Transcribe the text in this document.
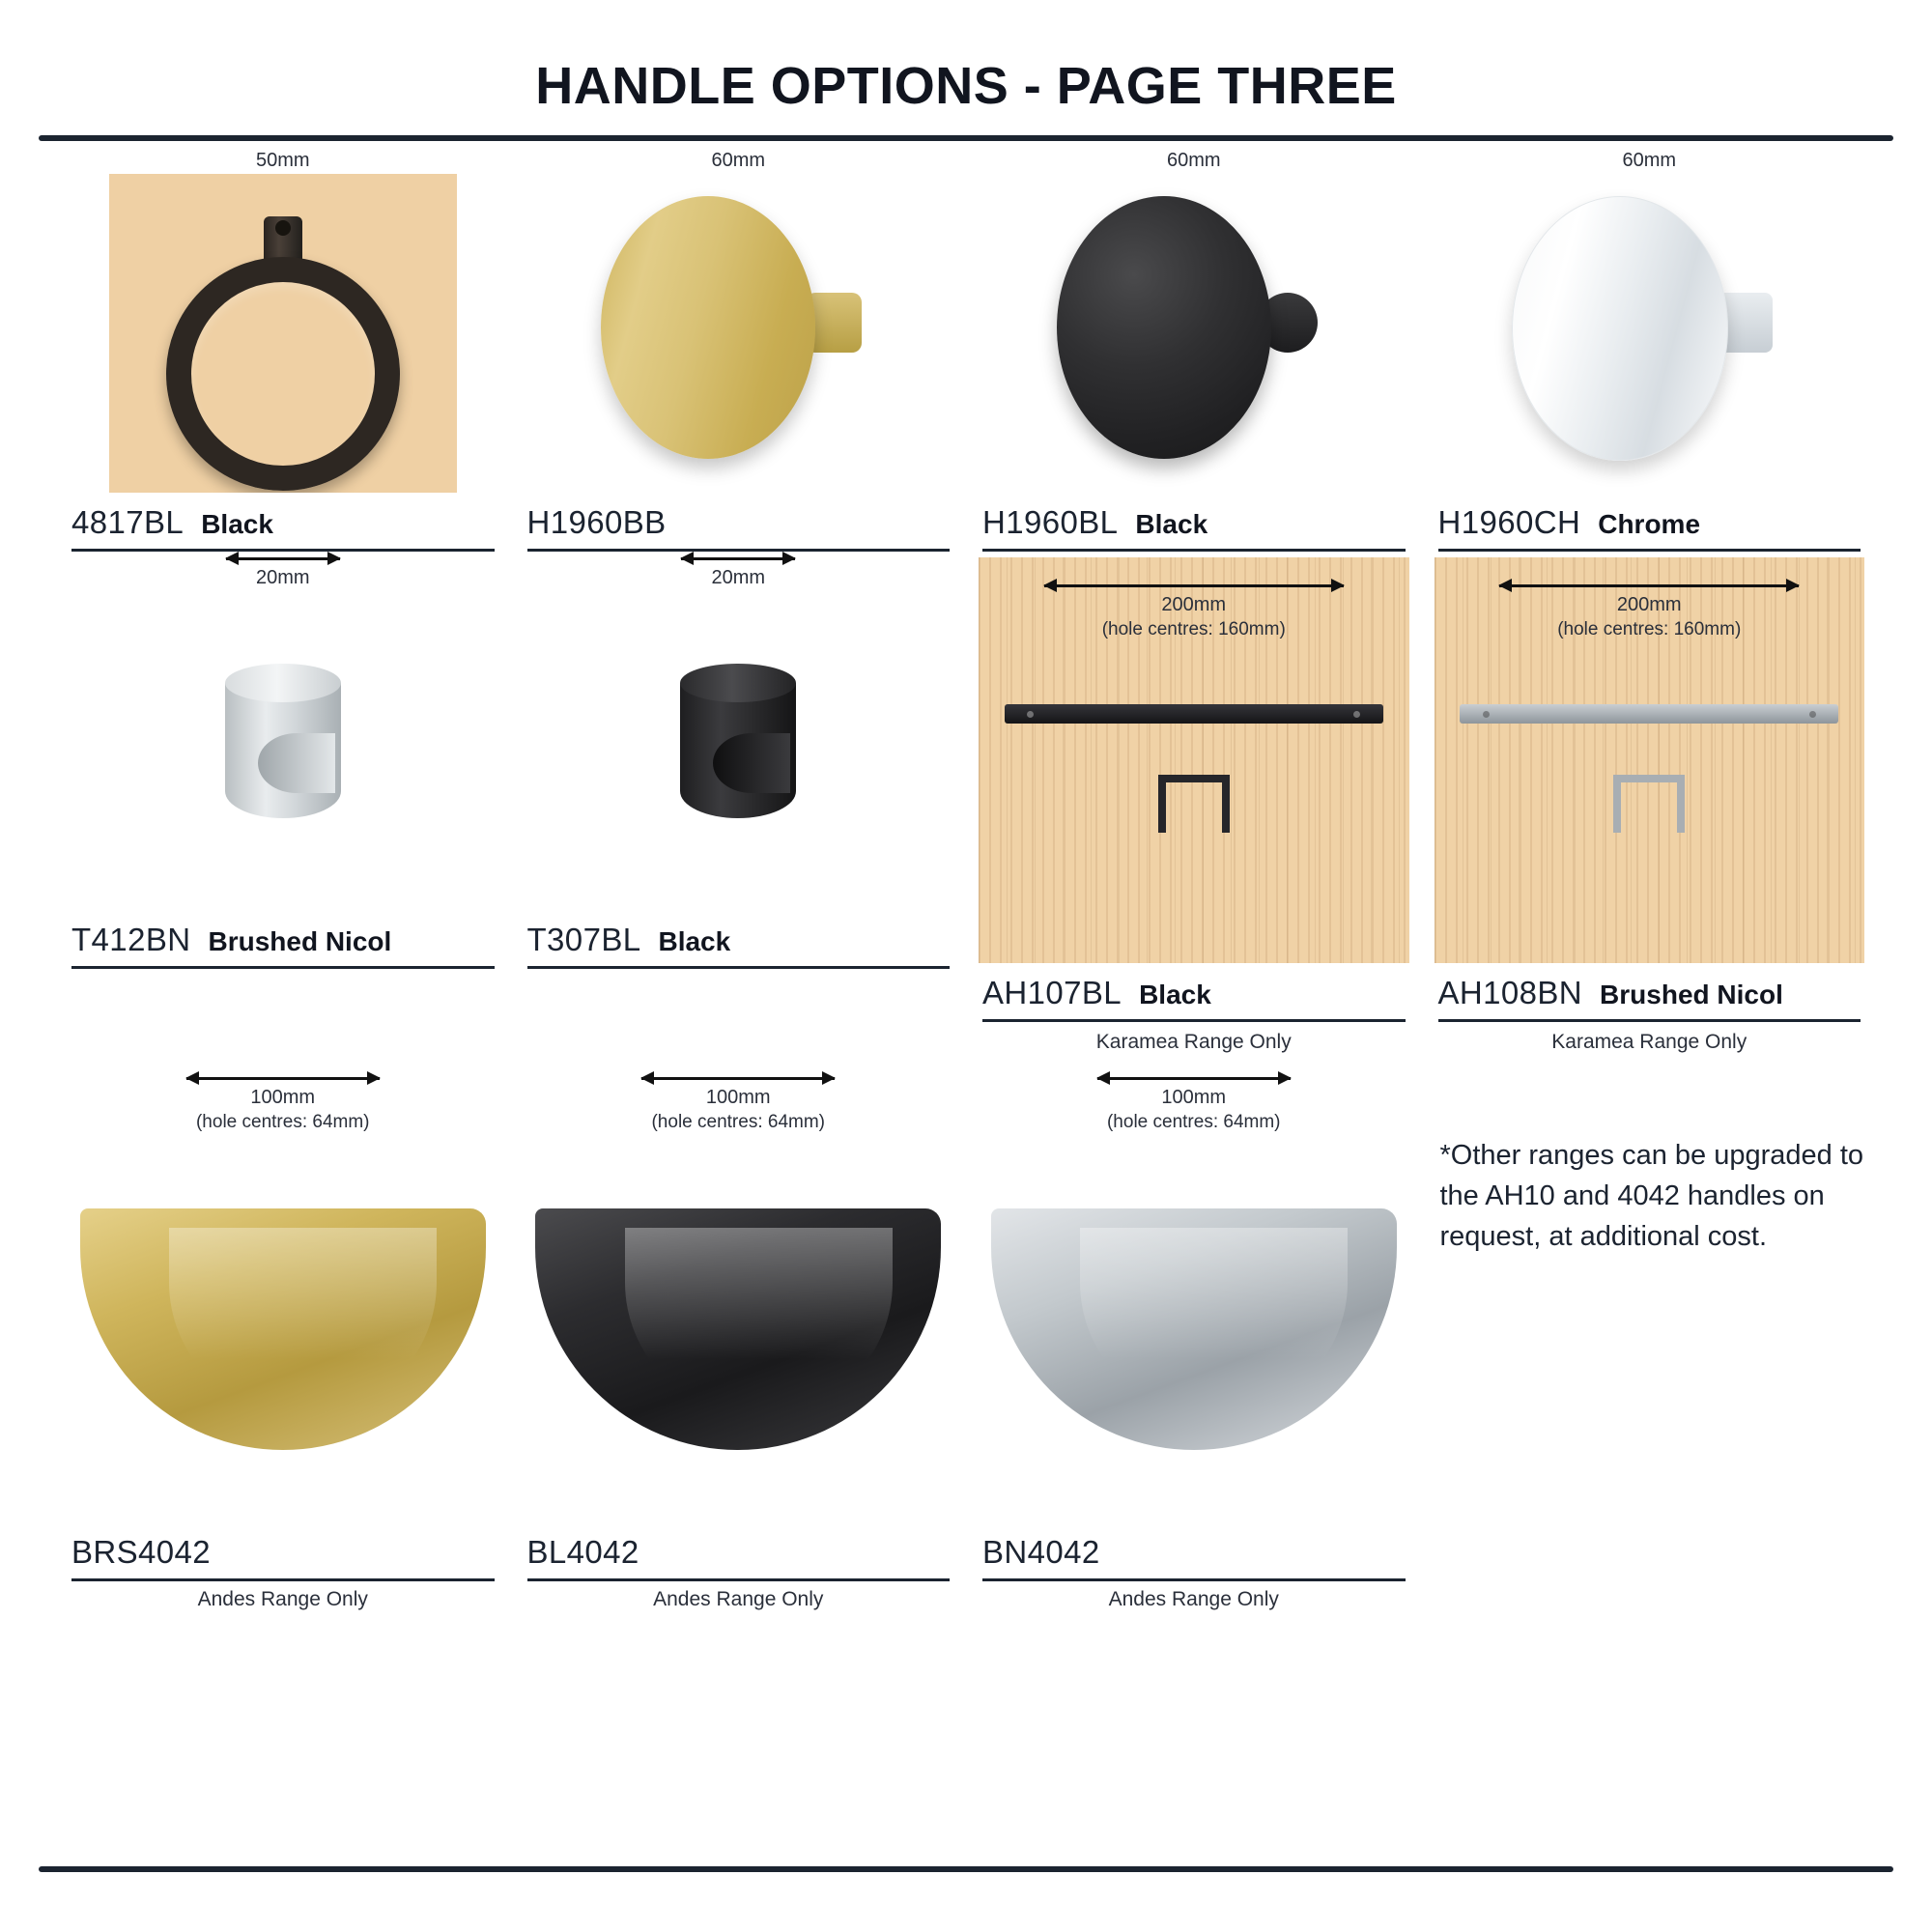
HANDLE OPTIONS - PAGE THREE
50mm
4817BL Black
60mm
H1960BB
60mm
H1960BL Black
60mm
H1960CH Chrome
20mm
T412BN Brushed Nicol
20mm
T307BL Black
200mm
(hole centres: 160mm)
AH107BL Black
Karamea Range Only
200mm
(hole centres: 160mm)
AH108BN Brushed Nicol
Karamea Range Only
100mm
(hole centres: 64mm)
BRS4042
Andes Range Only
100mm
(hole centres: 64mm)
BL4042
Andes Range Only
100mm
(hole centres: 64mm)
BN4042
Andes Range Only
*Other ranges can be upgraded to the AH10 and 4042 handles on request, at additional cost.
